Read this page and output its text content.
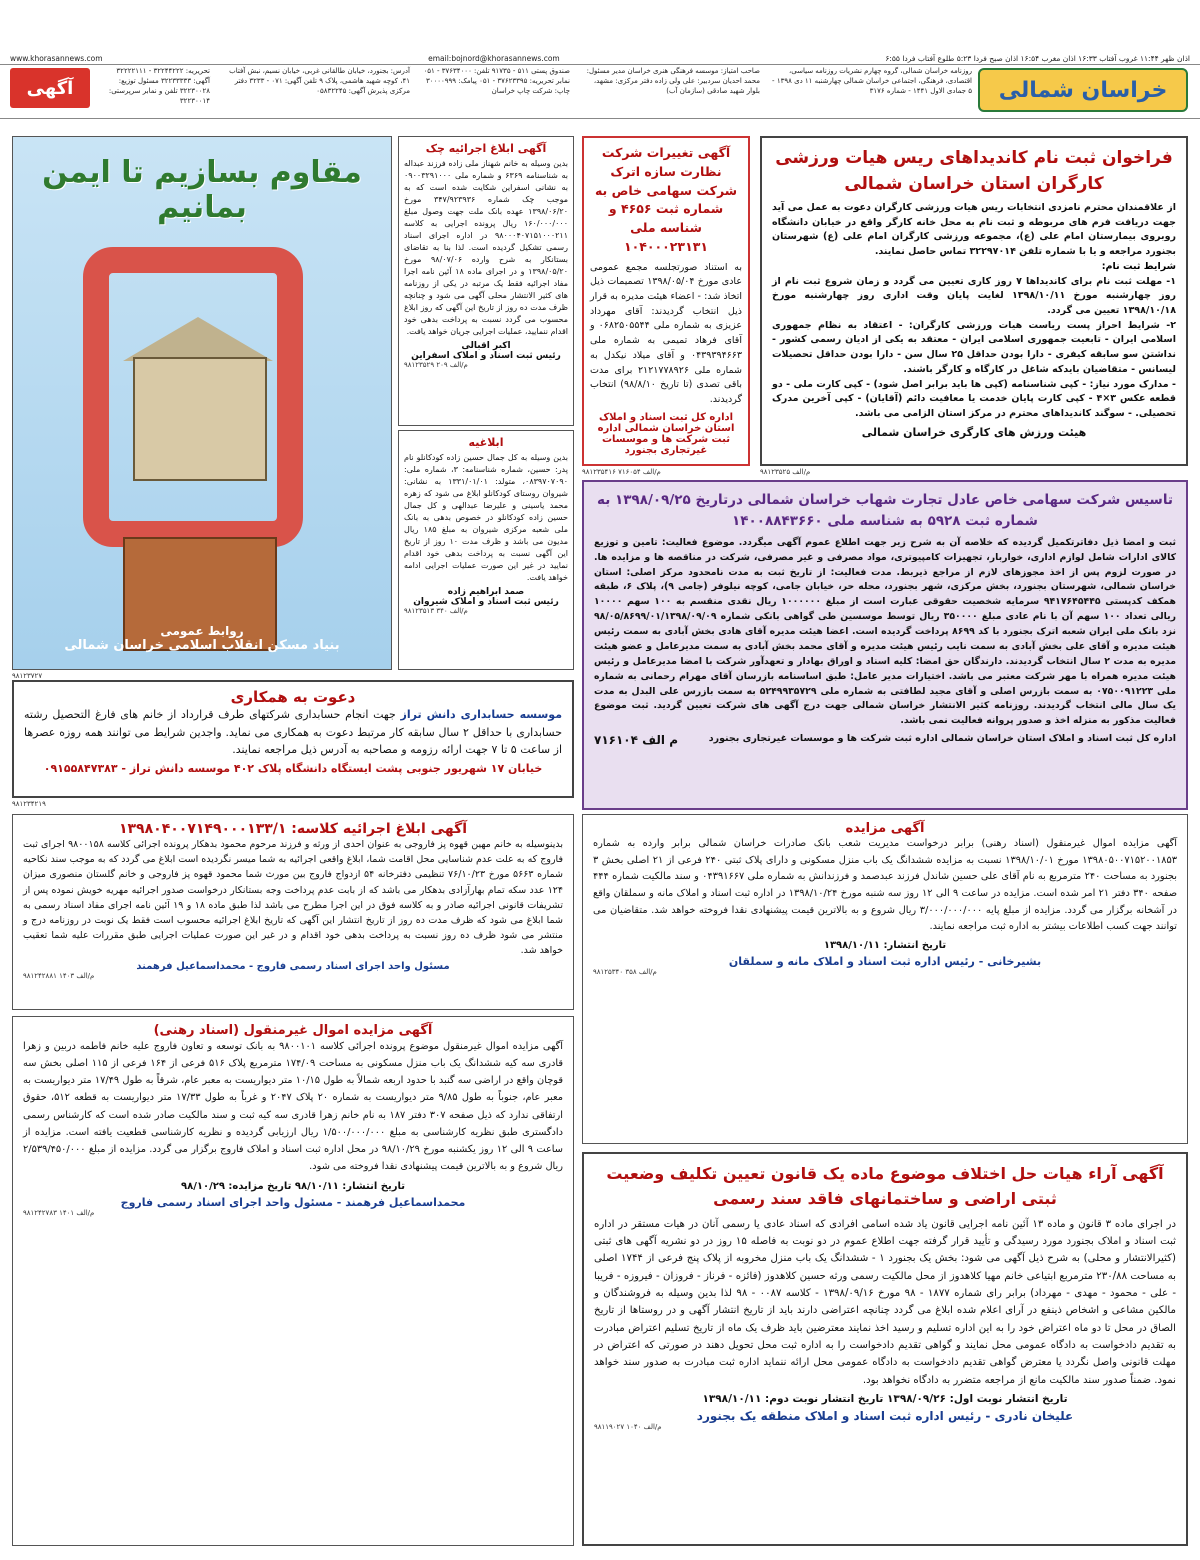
اذان ظهر ۱۱:۴۴ غروب آفتاب ۱۶:۳۳ اذان مغرب ۱۶:۵۴ اذان صبح فردا ۵:۲۳ طلوع آفتاب فردا ۶:۵۵
email:bojnord@khorasannews.com
www.khorasannews.com
خراسان شمالی
روزنامه خراسان شمالی، گروه چهارم نشریات روزنامه سیاسی، اقتصادی، فرهنگی، اجتماعی خراسان شمالی چهارشنبه ۱۱ دی ۱۳۹۸ - ۵ جمادی الاول ۱۴۴۱ - شماره ۳۱۷۶
صاحب امتیاز: موسسه فرهنگی هنری خراسان مدیر مسئول: محمد احدیان سردبیر: علی ولی زاده دفتر مرکزی: مشهد، بلوار شهید صادقی (سازمان آب)
صندوق پستی ۵۱۱ - ۹۱۷۳۵ تلفن: ۳۷۶۳۴۰۰۰ - ۰۵۱ نمابر تحریریه: ۳۷۶۲۳۳۹۵ - ۰۵۱ پیامک: ۳۰۰۰۰۹۹۹ چاپ: شرکت چاپ خراسان
آدرس: بجنورد، خیابان طالقانی غربی، خیابان نسیم، نبش آفتاب ۴۱، کوچه شهید هاشمی، پلاک ۹ تلفن آگهی: ۰۷۱ - ۳۲۳۳ دفتر مرکزی پذیرش آگهی: ۰۵۸۳۲۲۴۵
تحریریه: ۳۲۲۴۴۲۲۲ - ۳۲۲۲۲۱۱۱ آگهی: ۳۲۲۳۳۳۳۳ مسئول توزیع: ۳۲۲۳۰۰۲۸ تلفن و نمابر سرپرستی: ۳۲۲۳۰۰۱۴
آگهی
فراخوان ثبت نام کاندیداهای ریس هیات ورزشی کارگران استان خراسان شمالی
از علاقمندان محترم نامزدی انتخابات ریس هیات ورزشی کارگران دعوت به عمل می آید جهت دریافت فرم های مربوطه و ثبت نام به محل خانه کارگر واقع در خیابان دانشگاه روبروی بیمارستان امام علی (ع)، مجموعه ورزشی کارگران امام علی (ع) شهرستان بجنورد مراجعه و یا با شماره تلفن ۳۲۲۹۷۰۱۴ تماس حاصل نمایند.
شرایط ثبت نام:
۱- مهلت ثبت نام برای کاندیداها ۷ روز کاری تعیین می گردد و زمان شروع ثبت نام از روز چهارشنبه مورخ ۱۳۹۸/۱۰/۱۱ لغایت پایان وقت اداری روز چهارشنبه مورخ ۱۳۹۸/۱۰/۱۸ تعیین می گردد.
۲- شرایط احراز پست ریاست هیات ورزشی کارگران: - اعتقاد به نظام جمهوری اسلامی ایران - تابعیت جمهوری اسلامی ایران - معتقد به یکی از ادیان رسمی کشور - نداشتن سو سابقه کیفری - دارا بودن حداقل ۲۵ سال سن - دارا بودن حداقل تحصیلات لیسانس - متقاضیان بایدکه شاغل در کارگاه و کارگر باشند.
- مدارک مورد نیاز: - کپی شناسنامه (کپی ها باید برابر اصل شود) - کپی کارت ملی - دو قطعه عکس ۳×۴ - کپی کارت پایان خدمت یا معافیت دائم (آقایان) - کپی آخرین مدرک تحصیلی. - سوگند کاندیداهای محترم در مرکز استان الزامی می باشد.
هیئت ورزش های کارگری خراسان شمالی
م/الف ۹۸۱۲۳۵۲۵
آگهی تغییرات شرکت نظارت سازه اترک شرکت سهامی خاص به شماره ثبت ۴۶۵۶ و شناسه ملی ۱۰۴۰۰۰۲۳۱۳۱
به استناد صورتجلسه مجمع عمومی عادی مورخ ۱۳۹۸/۰۵/۰۴ تصمیمات ذیل اتخاذ شد: - اعضاء هیئت مدیره به قرار ذیل انتخاب گردیدند: آقای مهرداد عزیزی به شماره ملی ۰۶۸۲۵۰۵۵۴۴ و آقای فرهاد تمیمی به شماره ملی ۰۴۳۹۳۹۴۶۶۳ و آقای میلاد نیکدل به شماره ملی ۲۱۲۱۷۷۸۹۲۶ برای مدت باقی تصدی (تا تاریخ ۹۸/۸/۱۰) انتخاب گردیدند.
اداره کل ثبت اسناد و املاک استان خراسان شمالی اداره ثبت شرکت ها و موسسات غیرتجاری بجنورد
م/الف ۷۱۶۰۵۴ ۹۸۱۲۳۵۴۱۶
آگهی ابلاغ اجرائیه چک
بدین وسیله به خانم شهناز ملی زاده فرزند عبداله به شناسنامه ۶۳۶۹ و شماره ملی ۰۹۰۰۳۲۹۱۰۰۰ به نشانی اسفراین شکایت شده است که به موجب چک شماره ۳۴۷/۹۲۳۹۳۶ مورخ ۱۳۹۸/۰۶/۲۰ عهده بانک ملت جهت وصول مبلغ ۱۶۰/۰۰۰/۰۰۰ ریال پرونده اجرایی به کلاسه ۹۸۰۰۰۴۰۷۱۵۱۰۰۰۲۱۱ در اداره اجرای اسناد رسمی تشکیل گردیده است. لذا بنا به تقاضای بستانکار به شرح وارده ۹۸/۰۷/۰۶ مورخ ۱۳۹۸/۰۵/۲۰ و در اجرای ماده ۱۸ آئین نامه اجرا مفاد اجرائیه فقط یک مرتبه در یکی از روزنامه های کثیر الانتشار محلی آگهی می شود و چنانچه ظرف مدت ده روز از تاریخ این آگهی که روز ابلاغ محسوب می گردد نسبت به پرداخت بدهی خود اقدام ننمایید، عملیات اجرایی جریان خواهد یافت.
اکبر اقبالی
رئیس ثبت اسناد و املاک اسفراین
م/الف ۲۰۹ ۹۸۱۲۳۵۲۹
ابلاغیه
بدین وسیله به کل جمال حسین زاده کودکانلو نام پدر: حسین، شماره شناسنامه: ۳، شماره ملی: ۰۸۳۹۷۰۷۰۹۰، متولد: ۱۳۳۱/۰۱/۰۱ به نشانی: شیروان روستای کودکانلو ابلاغ می شود که زهره محمد یاسینی و علیرضا عبدالهی و کل جمال حسین زاده کودکانلو در خصوص بدهی به بانک ملی شعبه مرکزی شیروان به مبلغ ۱۸۵ ریال مدیون می باشد و ظرف مدت ۱۰ روز از تاریخ این آگهی نسبت به پرداخت بدهی خود اقدام نمایید در غیر این صورت عملیات اجرایی ادامه خواهد یافت.
صمد ابراهیم زاده
رئیس ثبت اسناد و املاک شیروان
م/الف ۳۴۰ ۹۸۱۲۳۵۱۳
مقاوم بسازیم تا ایمن بمانیم
روابط عمومی
بنیاد مسکن انقلاب اسلامی خراسان شمالی
۹۸۱۲۳۷۲۷
تاسیس شرکت سهامی خاص عادل تجارت شهاب خراسان شمالی درتاریخ ۱۳۹۸/۰۹/۲۵ به شماره ثبت ۵۹۲۸ به شناسه ملی ۱۴۰۰۸۸۴۳۶۶۰
ثبت و امضا ذیل دفاترتکمیل گردیده که خلاصه آن به شرح زیر جهت اطلاع عموم آگهی میگردد. موضوع فعالیت: تامین و توزیع کالای ادارات شامل لوازم اداری، خواربار، تجهیزات کامپیوتری، مواد مصرفی و غیر مصرفی، شرکت در مناقصه ها و مزایده ها. در صورت لزوم پس از اخذ مجوزهای لازم از مراجع ذیربط. مدت فعالیت: از تاریخ ثبت به مدت نامحدود مرکز اصلی: استان خراسان شمالی، شهرستان بجنورد، بخش مرکزی، شهر بجنورد، محله حر، خیابان جامی، کوچه نیلوفر (جامی ۹)، پلاک ۶، طبقه همکف کدپستی ۹۴۱۷۶۴۵۴۴۵ سرمایه شخصیت حقوقی عبارت است از مبلغ ۱۰۰۰۰۰۰ ریال نقدی منقسم به ۱۰۰ سهم ۱۰۰۰۰ ریالی تعداد ۱۰۰ سهم آن با نام عادی مبلغ ۳۵۰۰۰۰ ریال توسط موسسین طی گواهی بانکی شماره ۹۸/۰۵/۸۶۹۹/۰۱/۱۳۹۸/۰۹/۰۹ نزد بانک ملی ایران شعبه اترک بجنورد با کد ۸۶۹۹ پرداخت گردیده است. اعضا هیئت مدیره آقای هادی بخش آبادی به سمت رئیس هیئت مدیره و آقای علی بخش آبادی به سمت نایب رئیس هیئت مدیره و آقای محمد بخش آبادی به سمت مدیرعامل و عضو هیئت مدیره به مدت ۲ سال انتخاب گردیدند. دارندگان حق امضا: کلیه اسناد و اوراق بهادار و تعهدآور شرکت با امضا مدیرعامل و رئیس هیئت مدیره همراه با مهر شرکت معتبر می باشد. اختیارات مدیر عامل: طبق اساسنامه بازرسان آقای مهرام رحمانی به شماره ملی ۰۷۵۰۰۹۱۲۲۳ به سمت بازرس اصلی و آقای مجید لطافتی به شماره ملی ۵۲۴۹۹۳۵۷۲۹ به سمت بازرس علی البدل به مدت یک سال مالی انتخاب گردیدند. روزنامه کثیر الانتشار خراسان شمالی جهت درج آگهی های شرکت تعیین گردید. ثبت موضوع فعالیت مذکور به منزله اخذ و صدور پروانه فعالیت نمی باشد.
اداره کل ثبت اسناد و املاک استان خراسان شمالی اداره ثبت شرکت ها و موسسات غیرتجاری بجنورد
م الف ۷۱۶۱۰۴
دعوت به همکاری
موسسه حسابداری دانش تراز جهت انجام حسابداری شرکتهای طرف قرارداد از خانم های فارغ التحصیل رشته حسابداری با حداقل ۲ سال سابقه کار مرتبط دعوت به همکاری می نماید. واجدین شرایط می توانند همه روزه عصرها از ساعت ۵ تا ۷ جهت ارائه رزومه و مصاحبه به آدرس ذیل مراجعه نمایند.
خیابان ۱۷ شهریور جنوبی پشت ایستگاه دانشگاه پلاک ۴۰۲ موسسه دانش تراز - ۰۹۱۵۵۸۴۷۳۸۳
۹۸۱۲۳۴۲۱۹
آگهی ابلاغ اجرائیه کلاسه: ۱۳۹۸۰۴۰۰۷۱۴۹۰۰۰۱۳۳/۱
بدینوسیله به خانم مهین قهوه پز فاروجی به عنوان احدی از ورثه و فرزند مرحوم محمود بدهکار پرونده اجرائی کلاسه ۹۸۰۰۱۵۸ اجرای ثبت فاروج که به علت عدم شناسایی محل اقامت شما، ابلاغ واقعی اجرائیه به شما میسر نگردیده است ابلاغ می گردد که به موجب سند نکاحیه شماره ۵۶۶۳ مورخ ۷۶/۱۰/۲۳ تنظیمی دفترخانه ۵۴ ازدواج فاروج بین مورث شما محمود قهوه پز فاروجی و خانم گلستان منصوری میزان ۱۲۴ عدد سکه تمام بهارآزادی بدهکار می باشد که از بابت عدم پرداخت وجه بستانکار درخواست صدور اجرائیه مهریه خویش نموده پس از تشریفات قانونی اجرائیه صادر و به کلاسه فوق در این اجرا مطرح می باشد لذا طبق ماده ۱۸ و ۱۹ آئین نامه اجرای مفاد اسناد رسمی به شما ابلاغ می شود که ظرف مدت ده روز از تاریخ انتشار این آگهی که تاریخ ابلاغ اجرائیه محسوب است فقط یک نوبت در روزنامه درج و منتشر می شود ظرف ده روز نسبت به پرداخت بدهی خود اقدام و در غیر این صورت عملیات اجرایی طبق مقررات علیه شما تعقیب خواهد شد.
مسئول واحد اجرای اسناد رسمی فاروج - محمداسماعیل فرهمند
م/الف ۱۴۰۳ ۹۸۱۲۴۲۸۸۱
آگهی مزایده اموال غیرمنقول (اسناد رهنی)
آگهی مزایده اموال غیرمنقول موضوع پرونده اجرائی کلاسه ۹۸۰۰۱۰۱ به بانک توسعه و تعاون فاروج علیه خانم فاطمه دربین و زهرا قادری سه کیه ششدانگ یک باب منزل مسکونی به مساحت ۱۷۴/۰۹ مترمربع پلاک ۵۱۶ فرعی از ۱۶۴ فرعی از ۱۱۵ اصلی بخش سه قوچان واقع در اراضی سه گنبد با حدود اربعه شمالاً به طول ۱۰/۱۵ متر دیواریست به معبر عام، شرقاً به طول ۱۷/۴۹ متر دیواریست به معبر عام، جنوباً به طول ۹/۸۵ متر دیواریست به شماره ۲۰ پلاک ۲۰۴۷ و غرباً به طول ۱۷/۳۳ متر دیواریست به قطعه ۵۱۲، حقوق ارتفاقی ندارد که ذیل صفحه ۳۰۷ دفتر ۱۸۷ به نام خانم زهرا قادری سه کیه ثبت و سند مالکیت صادر شده است که کارشناس رسمی دادگستری طبق نظریه کارشناسی به مبلغ ۱/۵۰۰/۰۰۰/۰۰۰ ریال ارزیابی گردیده و نظریه کارشناسی قطعیت یافته است. مزایده از ساعت ۹ الی ۱۲ روز یکشنبه مورخ ۹۸/۱۰/۲۹ در محل اداره ثبت اسناد و املاک فاروج برگزار می گردد. مزایده از مبلغ ۲/۵۳۹/۴۵۰/۰۰۰ ریال شروع و به بالاترین قیمت پیشنهادی نقدا فروخته می شود.
تاریخ انتشار: ۹۸/۱۰/۱۱ تاریخ مزایده: ۹۸/۱۰/۲۹
محمداسماعیل فرهمند - مسئول واحد اجرای اسناد رسمی فاروج
م/الف ۱۴۰۱ ۹۸۱۲۴۲۷۸۳
آگهی مزایده
آگهی مزایده اموال غیرمنقول (اسناد رهنی) برابر درخواست مدیریت شعب بانک صادرات خراسان شمالی برابر وارده به شماره ۱۳۹۸۰۵۰۰۷۱۵۲۰۰۱۸۵۳ مورخ ۱۳۹۸/۱۰/۰۱ نسبت به مزایده ششدانگ یک باب منزل مسکونی و دارای پلاک ثبتی ۲۴۰ فرعی از ۲۱ اصلی بخش ۳ بجنورد به مساحت ۲۴۰ مترمربع به نام آقای علی حسین شاندل فرزند عبدصمد و فرزندانش به شماره ملی ۰۴۳۹۱۶۶۷ و سند مالکیت شماره ۴۴۴ صفحه ۳۴۰ دفتر ۲۱ امر شده است. مزایده در ساعت ۹ الی ۱۲ روز سه شنبه مورخ ۱۳۹۸/۱۰/۲۴ در اداره ثبت اسناد و املاک مانه و سملقان واقع در آشخانه برگزار می گردد. مزایده از مبلغ پایه ۳/۰۰۰/۰۰۰/۰۰۰ ریال شروع و به بالاترین قیمت پیشنهادی نقدا فروخته خواهد شد. متقاضیان می توانند جهت کسب اطلاعات بیشتر به اداره ثبت مراجعه نمایند.
تاریخ انتشار: ۱۳۹۸/۱۰/۱۱
بشیرخانی - رئیس اداره ثبت اسناد و املاک مانه و سملقان
م/الف ۳۵۸ ۹۸۱۲۵۳۴۰
آگهی آراء هیات حل اختلاف موضوع ماده یک قانون تعیین تکلیف وضعیت ثبتی اراضی و ساختمانهای فاقد سند رسمی
در اجرای ماده ۳ قانون و ماده ۱۳ آئین نامه اجرایی قانون یاد شده اسامی افرادی که اسناد عادی یا رسمی آنان در هیات مستقر در اداره ثبت اسناد و املاک بجنورد مورد رسیدگی و تأیید قرار گرفته جهت اطلاع عموم در دو نوبت به فاصله ۱۵ روز در دو نشریه آگهی های ثبتی (کثیرالانتشار و محلی) به شرح ذیل آگهی می شود: بخش یک بجنورد ۱ - ششدانگ یک باب منزل مخروبه از پلاک پنج فرعی از ۱۷۴۴ اصلی به مساحت ۲۳۰/۸۸ مترمربع ابتیاعی خانم مهیا کلاهدوز از محل مالکیت رسمی ورثه حسین کلاهدوز (فائزه - فرناز - فروزان - فیروزه - فریبا - علی - محمود - مهدی - مهرداد) برابر رای شماره ۱۸۷۷ - ۹۸ مورخ ۱۳۹۸/۰۹/۱۶ - کلاسه ۰۰۸۷ - ۹۸ لذا بدین وسیله به فروشندگان و مالکین مشاعی و اشخاص ذینفع در آرای اعلام شده ابلاغ می گردد چنانچه اعتراضی دارند باید از تاریخ انتشار آگهی و در روستاها از تاریخ الصاق در محل تا دو ماه اعتراض خود را به این اداره تسلیم و رسید اخذ نمایند معترضین باید ظرف یک ماه از تاریخ تسلیم اعتراض مبادرت به تقدیم دادخواست به دادگاه عمومی محل نمایند و گواهی تقدیم دادخواست را به اداره ثبت محل تحویل دهند در صورتی که اعتراض در مهلت قانونی واصل نگردد یا معترض گواهی تقدیم دادخواست به دادگاه عمومی محل ارائه ننماید اداره ثبت مبادرت به صدور سند خواهد نمود. ضمناً صدور سند مالکیت مانع از مراجعه متضرر به دادگاه نخواهد بود.
تاریخ انتشار نوبت اول: ۱۳۹۸/۰۹/۲۶ تاریخ انتشار نوبت دوم: ۱۳۹۸/۱۰/۱۱
علیخان نادری - رئیس اداره ثبت اسناد و املاک منطقه یک بجنورد
م/الف ۱۰۴۰ ۹۸۱۱۹۰۲۷
